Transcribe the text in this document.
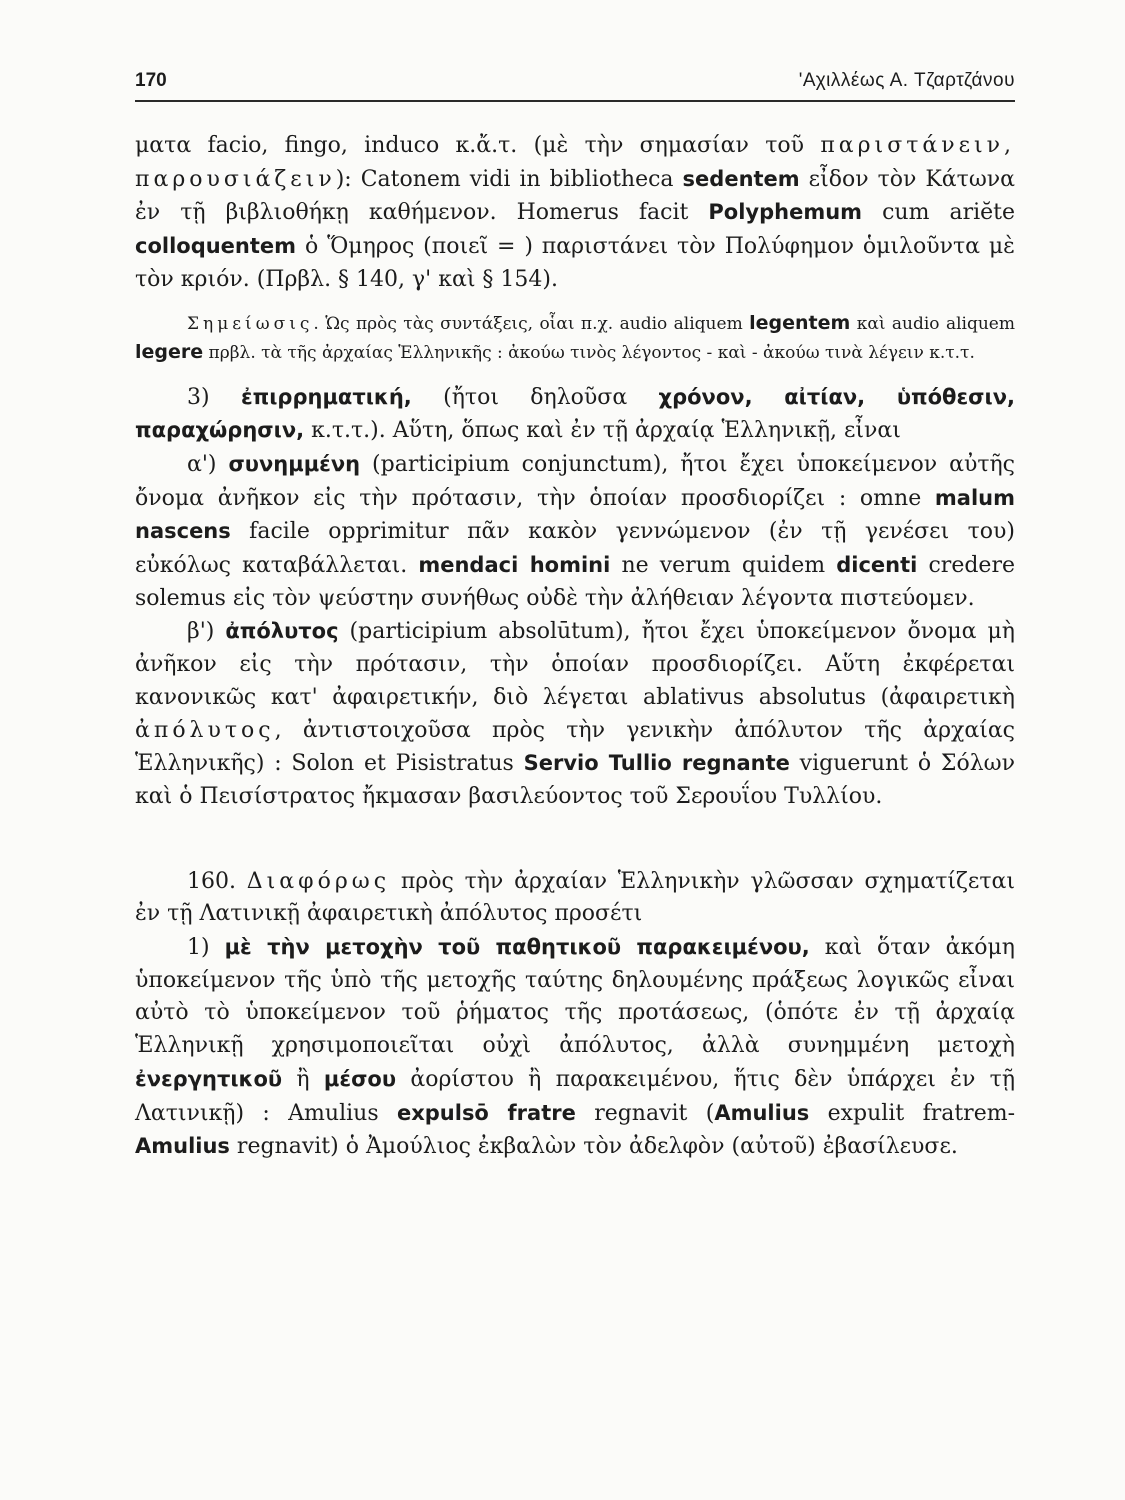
170	'Αχιλλέως Α. Τζαρτζάνου

ματα facio, fingo, induco κ.ἄ.τ. (μὲ τὴν σημασίαν τοῦ παριστάνειν, παρουσιάζειν): Catonem vidi in bibliotheca sedentem εἶδον τὸν Κάτωνα ἐν τῇ βιβλιοθήκῃ καθήμενον. Homerus facit Polyphemum cum ariĕte colloquentem ὁ Ὅμηρος (ποιεῖ = ) παριστάνει τὸν Πολύφημον ὁμιλοῦντα μὲ τὸν κριόν. (Πρβλ. § 140, γ' καὶ § 154).

Σημείωσις. Ὡς πρὸς τὰς συντάξεις, οἷαι π.χ. audio aliquem legentem καὶ audio aliquem legere πρβλ. τὰ τῆς ἀρχαίας Ἑλληνικῆς : ἀκούω τινὸς λέγοντος - καὶ - ἀκούω τινὰ λέγειν κ.τ.τ.

3) ἐπιρρηματική, (ἤτοι δηλοῦσα χρόνον, αἰτίαν, ὑπόθεσιν, παραχώρησιν, κ.τ.τ.). Αὕτη, ὅπως καὶ ἐν τῇ ἀρχαίᾳ Ἑλληνικῇ, εἶναι

α') συνημμένη (participium conjunctum), ἤτοι ἔχει ὑποκείμενον αὐτῆς ὄνομα ἀνῆκον εἰς τὴν πρότασιν, τὴν ὁποίαν προσδιορίζει : omne malum nascens facile opprimitur πᾶν κακὸν γεννώμενον (ἐν τῇ γενέσει του) εὐκόλως καταβάλλεται. mendaci homini ne verum quidem dicenti credere solemus εἰς τὸν ψεύστην συνήθως οὐδὲ τὴν ἀλήθειαν λέγοντα πιστεύομεν.

β') ἀπόλυτος (participium absolūtum), ἤτοι ἔχει ὑποκείμενον ὄνομα μὴ ἀνῆκον εἰς τὴν πρότασιν, τὴν ὁποίαν προσδιορίζει. Αὕτη ἐκφέρεται κανονικῶς κατ' ἀφαιρετικήν, διὸ λέγεται ablativus absolutus (ἀφαιρετικὴ ἀπόλυτος, ἀντιστοιχοῦσα πρὸς τὴν γενικὴν ἀπόλυτον τῆς ἀρχαίας Ἑλληνικῆς) : Solon et Pisistratus Servio Tullio regnante viguerunt ὁ Σόλων καὶ ὁ Πεισίστρατος ἤκμασαν βασιλεύοντος τοῦ Σερουΐου Τυλλίου.

160. Διαφόρως πρὸς τὴν ἀρχαίαν Ἑλληνικὴν γλῶσσαν σχηματίζεται ἐν τῇ Λατινικῇ ἀφαιρετικὴ ἀπόλυτος προσέτι

1) μὲ τὴν μετοχὴν τοῦ παθητικοῦ παρακειμένου, καὶ ὅταν ἀκόμη ὑποκείμενον τῆς ὑπὸ τῆς μετοχῆς ταύτης δηλουμένης πράξεως λογικῶς εἶναι αὐτὸ τὸ ὑποκείμενον τοῦ ῥήματος τῆς προτάσεως, (ὁπότε ἐν τῇ ἀρχαίᾳ Ἑλληνικῇ χρησιμοποιεῖται οὐχὶ ἀπόλυτος, ἀλλὰ συνημμένη μετοχὴ ἐνεργητικοῦ ἢ μέσου ἀορίστου ἢ παρακειμένου, ἥτις δὲν ὑπάρχει ἐν τῇ Λατινικῇ) : Amulius expulsō fratre regnavit (Amulius expulit fratrem-Amulius regnavit) ὁ Ἀμούλιος ἐκβαλὼν τὸν ἀδελφὸν (αὐτοῦ) ἐβασίλευσε.
